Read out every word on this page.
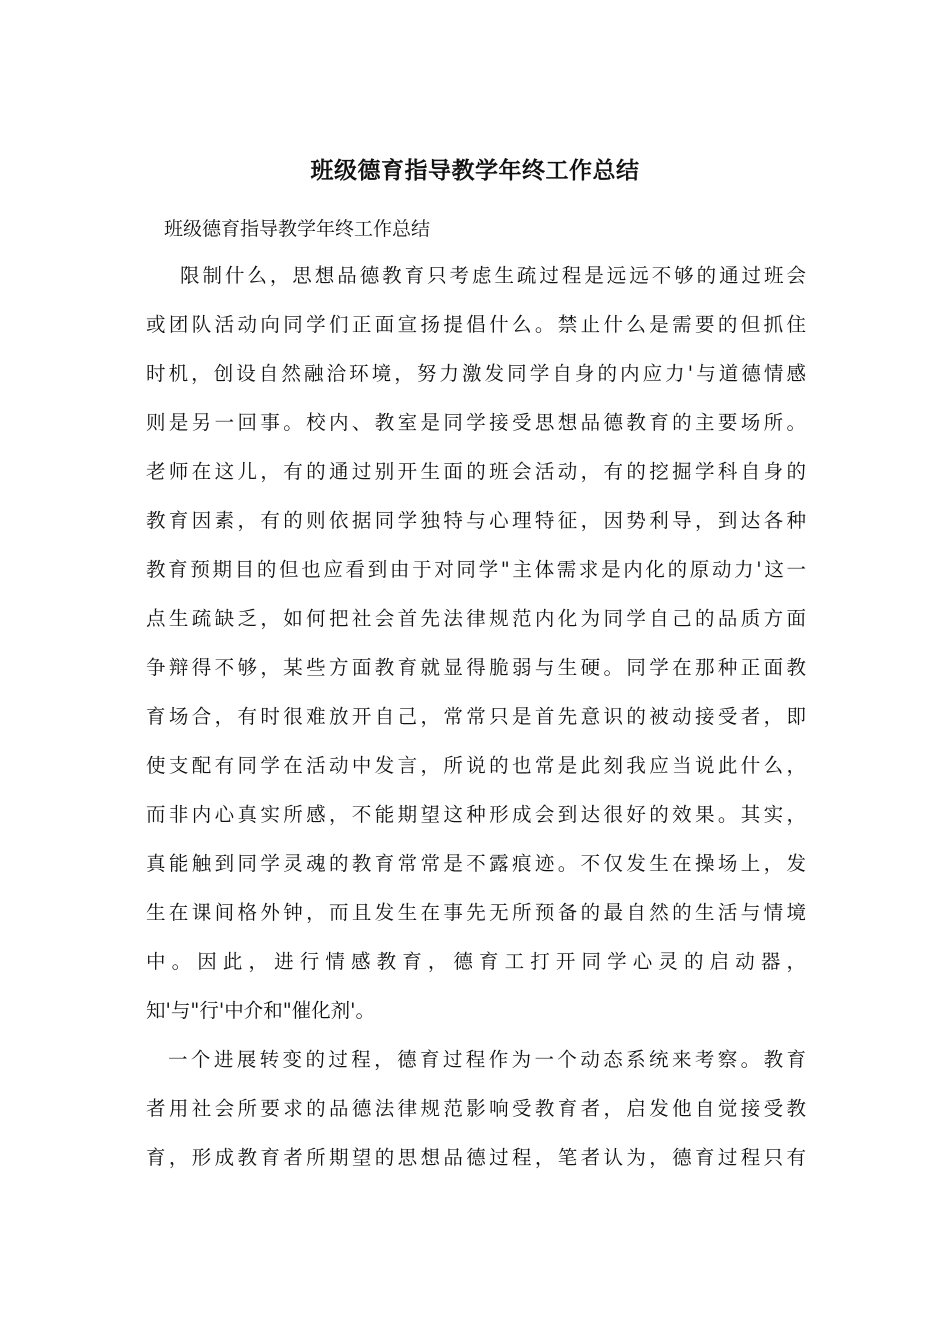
班级德育指导教学年终工作总结

班级德育指导教学年终工作总结

限制什么，思想品德教育只考虑生疏过程是远远不够的通过班会

或团队活动向同学们正面宣扬提倡什么。禁止什么是需要的但抓住

时机，创设自然融洽环境，努力激发同学自身的内应力'与道德情感

则是另一回事。校内、教室是同学接受思想品德教育的主要场所。

老师在这儿，有的通过别开生面的班会活动，有的挖掘学科自身的

教育因素，有的则依据同学独特与心理特征，因势利导，到达各种

教育预期目的但也应看到由于对同学"主体需求是内化的原动力'这一

点生疏缺乏，如何把社会首先法律规范内化为同学自己的品质方面

争辩得不够，某些方面教育就显得脆弱与生硬。同学在那种正面教

育场合，有时很难放开自己，常常只是首先意识的被动接受者，即

使支配有同学在活动中发言，所说的也常是此刻我应当说此什么，

而非内心真实所感，不能期望这种形成会到达很好的效果。其实，

真能触到同学灵魂的教育常常是不露痕迹。不仅发生在操场上，发

生在课间格外钟，而且发生在事先无所预备的最自然的生活与情境

中。因此，进行情感教育，德育工打开同学心灵的启动器，

知'与"行'中介和"催化剂'。

一个进展转变的过程，德育过程作为一个动态系统来考察。教育

者用社会所要求的品德法律规范影响受教育者，启发他自觉接受教

育，形成教育者所期望的思想品德过程，笔者认为，德育过程只有
